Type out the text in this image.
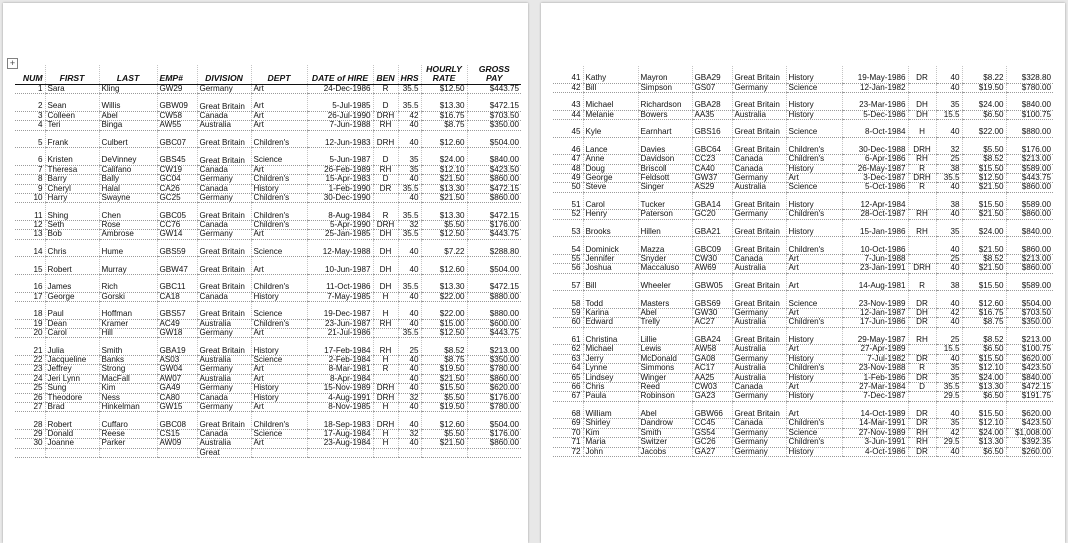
+
NUM	FIRST	LAST	EMP#	DIVISION	DEPT	DATE of HIRE	BEN	HRS	HOURLY RATE	GROSS PAY
1	Sara	Kling	GW29	Germany	Art	24-Dec-1986	R	35.5	$12.50	$443.75
2	Sean	Willis	GBW09	Great Britain	Art	5-Jul-1985	D	35.5	$13.30	$472.15
3	Colleen	Abel	CW58	Canada	Art	26-Jul-1990	DRH	42	$16.75	$703.50
4	Teri	Binga	AW55	Australia	Art	7-Jun-1988	RH	40	$8.75	$350.00
5	Frank	Culbert	GBC07	Great Britain	Children's	12-Jun-1983	DRH	40	$12.60	$504.00
6	Kristen	DeVinney	GBS45	Great Britain	Science	5-Jun-1987	D	35	$24.00	$840.00
7	Theresa	Califano	CW19	Canada	Art	26-Feb-1989	RH	35	$12.10	$423.50
8	Barry	Bally	GC04	Germany	Children's	15-Apr-1983	D	40	$21.50	$860.00
9	Cheryl	Halal	CA26	Canada	History	1-Feb-1990	DR	35.5	$13.30	$472.15
10	Harry	Swayne	GC25	Germany	Children's	30-Dec-1990		40	$21.50	$860.00
11	Shing	Chen	GBC05	Great Britain	Children's	8-Aug-1984	R	35.5	$13.30	$472.15
12	Seth	Rose	CC76	Canada	Children's	5-Apr-1990	DRH	32	$5.50	$176.00
13	Bob	Ambrose	GW14	Germany	Art	25-Jan-1985	DH	35.5	$12.50	$443.75
14	Chris	Hume	GBS59	Great Britain	Science	12-May-1988	DH	40	$7.22	$288.80
15	Robert	Murray	GBW47	Great Britain	Art	10-Jun-1987	DH	40	$12.60	$504.00
16	James	Rich	GBC11	Great Britain	Children's	11-Oct-1986	DH	35.5	$13.30	$472.15
17	George	Gorski	CA18	Canada	History	7-May-1985	H	40	$22.00	$880.00
18	Paul	Hoffman	GBS57	Great Britain	Science	19-Dec-1987	H	40	$22.00	$880.00
19	Dean	Kramer	AC49	Australia	Children's	23-Jun-1987	RH	40	$15.00	$600.00
20	Carol	Hill	GW18	Germany	Art	21-Jul-1986		35.5	$12.50	$443.75
21	Julia	Smith	GBA19	Great Britain	History	17-Feb-1984	RH	25	$8.52	$213.00
22	Jacqueline	Banks	AS03	Australia	Science	2-Feb-1984	H	40	$8.75	$350.00
23	Jeffrey	Strong	GW04	Germany	Art	8-Mar-1981	R	40	$19.50	$780.00
24	Jeri Lynn	MacFall	AW07	Australia	Art	8-Apr-1984		40	$21.50	$860.00
25	Sung	Kim	GA49	Germany	History	15-Nov-1989	DRH	40	$15.50	$620.00
26	Theodore	Ness	CA80	Canada	History	4-Aug-1991	DRH	32	$5.50	$176.00
27	Brad	Hinkelman	GW15	Germany	Art	8-Nov-1985	H	40	$19.50	$780.00
28	Robert	Cuffaro	GBC08	Great Britain	Children's	18-Sep-1983	DRH	40	$12.60	$504.00
29	Donald	Reese	CS15	Canada	Science	17-Aug-1984	H	32	$5.50	$176.00
30	Joanne	Parker	AW09	Australia	Art	23-Aug-1984	H	40	$21.50	$860.00
				Great						
41	Kathy	Mayron	GBA29	Great Britain	History	19-May-1986	DR	40	$8.22	$328.80
42	Bill	Simpson	GS07	Germany	Science	12-Jan-1982		40	$19.50	$780.00
43	Michael	Richardson	GBA28	Great Britain	History	23-Mar-1986	DH	35	$24.00	$840.00
44	Melanie	Bowers	AA35	Australia	History	5-Dec-1986	DH	15.5	$6.50	$100.75
45	Kyle	Earnhart	GBS16	Great Britain	Science	8-Oct-1984	H	40	$22.00	$880.00
46	Lance	Davies	GBC64	Great Britain	Children's	30-Dec-1988	DRH	32	$5.50	$176.00
47	Anne	Davidson	CC23	Canada	Children's	6-Apr-1986	RH	25	$8.52	$213.00
48	Doug	Briscoll	CA40	Canada	History	26-May-1987	R	38	$15.50	$589.00
49	George	Feldsott	GW37	Germany	Art	3-Dec-1987	DRH	35.5	$12.50	$443.75
50	Steve	Singer	AS29	Australia	Science	5-Oct-1986	R	40	$21.50	$860.00
51	Carol	Tucker	GBA14	Great Britain	History	12-Apr-1984		38	$15.50	$589.00
52	Henry	Paterson	GC20	Germany	Children's	28-Oct-1987	RH	40	$21.50	$860.00
53	Brooks	Hillen	GBA21	Great Britain	History	15-Jan-1986	RH	35	$24.00	$840.00
54	Dominick	Mazza	GBC09	Great Britain	Children's	10-Oct-1986		40	$21.50	$860.00
55	Jennifer	Snyder	CW30	Canada	Art	7-Jun-1988		25	$8.52	$213.00
56	Joshua	Maccaluso	AW69	Australia	Art	23-Jan-1991	DRH	40	$21.50	$860.00
57	Bill	Wheeler	GBW05	Great Britain	Art	14-Aug-1981	R	38	$15.50	$589.00
58	Todd	Masters	GBS69	Great Britain	Science	23-Nov-1989	DR	40	$12.60	$504.00
59	Karina	Abel	GW30	Germany	Art	12-Jan-1987	DH	42	$16.75	$703.50
60	Edward	Trelly	AC27	Australia	Children's	17-Jun-1986	DR	40	$8.75	$350.00
61	Christina	Lillie	GBA24	Great Britain	History	29-May-1987	RH	25	$8.52	$213.00
62	Michael	Lewis	AW58	Australia	Art	27-Apr-1989		15.5	$6.50	$100.75
63	Jerry	McDonald	GA08	Germany	History	7-Jul-1982	DR	40	$15.50	$620.00
64	Lynne	Simmons	AC17	Australia	Children's	23-Nov-1988	R	35	$12.10	$423.50
65	Lindsey	Winger	AA25	Australia	History	1-Feb-1986	DR	35	$24.00	$840.00
66	Chris	Reed	CW03	Canada	Art	27-Mar-1984	D	35.5	$13.30	$472.15
67	Paula	Robinson	GA23	Germany	History	7-Dec-1987		29.5	$6.50	$191.75
68	William	Abel	GBW66	Great Britain	Art	14-Oct-1989	DR	40	$15.50	$620.00
69	Shirley	Dandrow	CC45	Canada	Children's	14-Mar-1991	DR	35	$12.10	$423.50
70	Kim	Smith	GS54	Germany	Science	27-Nov-1989	RH	42	$24.00	$1,008.00
71	Maria	Switzer	GC26	Germany	Children's	3-Jun-1991	RH	29.5	$13.30	$392.35
72	John	Jacobs	GA27	Germany	History	4-Oct-1986	DR	40	$6.50	$260.00
